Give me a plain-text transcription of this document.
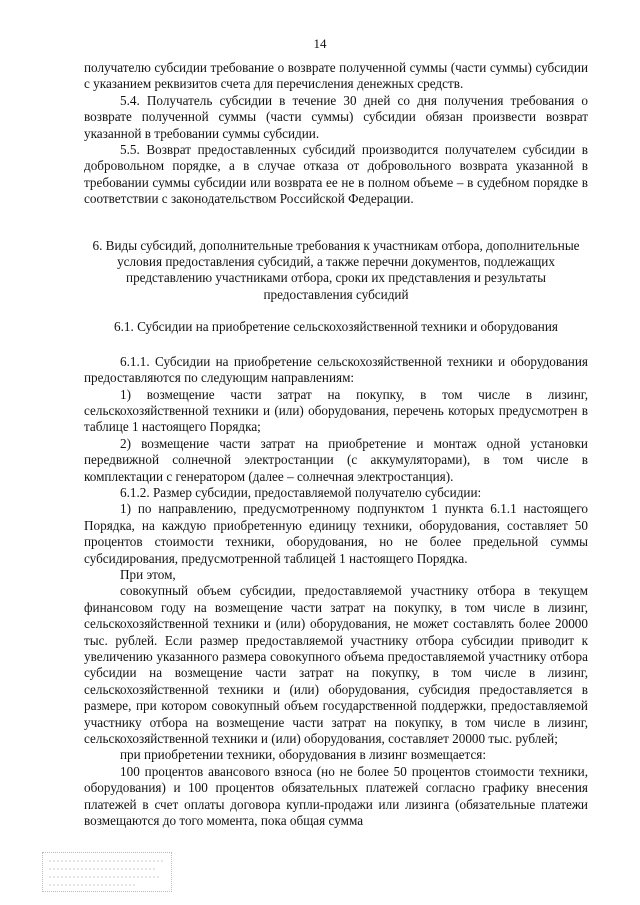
14

получателю субсидии требование о возврате полученной суммы (части суммы) субсидии с указанием реквизитов счета для перечисления денежных средств.

5.4. Получатель субсидии в течение 30 дней со дня получения требования о возврате полученной суммы (части суммы) субсидии обязан произвести возврат указанной в требовании суммы субсидии.

5.5. Возврат предоставленных субсидий производится получателем субсидии в добровольном порядке, а в случае отказа от добровольного возврата указанной в требовании суммы субсидии или возврата ее не в полном объеме – в судебном порядке в соответствии с законодательством Российской Федерации.

6. Виды субсидий, дополнительные требования к участникам отбора, дополнительные условия предоставления субсидий, а также перечни документов, подлежащих представлению участниками отбора, сроки их представления и результаты предоставления субсидий

6.1. Субсидии на приобретение сельскохозяйственной техники и оборудования

6.1.1. Субсидии на приобретение сельскохозяйственной техники и оборудования предоставляются по следующим направлениям:

1) возмещение части затрат на покупку, в том числе в лизинг, сельскохозяйственной техники и (или) оборудования, перечень которых предусмотрен в таблице 1 настоящего Порядка;

2) возмещение части затрат на приобретение и монтаж одной установки передвижной солнечной электростанции (с аккумуляторами), в том числе в комплектации с генератором (далее – солнечная электростанция).

6.1.2. Размер субсидии, предоставляемой получателю субсидии:

1) по направлению, предусмотренному подпунктом 1 пункта 6.1.1 настоящего Порядка, на каждую приобретенную единицу техники, оборудования, составляет 50 процентов стоимости техники, оборудования, но не более предельной суммы субсидирования, предусмотренной таблицей 1 настоящего Порядка.

При этом,

совокупный объем субсидии, предоставляемой участнику отбора в текущем финансовом году на возмещение части затрат на покупку, в том числе в лизинг, сельскохозяйственной техники и (или) оборудования, не может составлять более 20000 тыс. рублей. Если размер предоставляемой участнику отбора субсидии приводит к увеличению указанного размера совокупного объема предоставляемой участнику отбора субсидии на возмещение части затрат на покупку, в том числе в лизинг, сельскохозяйственной техники и (или) оборудования, субсидия предоставляется в размере, при котором совокупный объем государственной поддержки, предоставляемой участнику отбора на возмещение части затрат на покупку, в том числе в лизинг, сельскохозяйственной техники и (или) оборудования, составляет 20000 тыс. рублей;

при приобретении техники, оборудования в лизинг возмещается:

100 процентов авансового взноса (но не более 50 процентов стоимости техники, оборудования) и 100 процентов обязательных платежей согласно графику внесения платежей в счет оплаты договора купли-продажи или лизинга (обязательные платежи возмещаются до того момента, пока общая сумма
